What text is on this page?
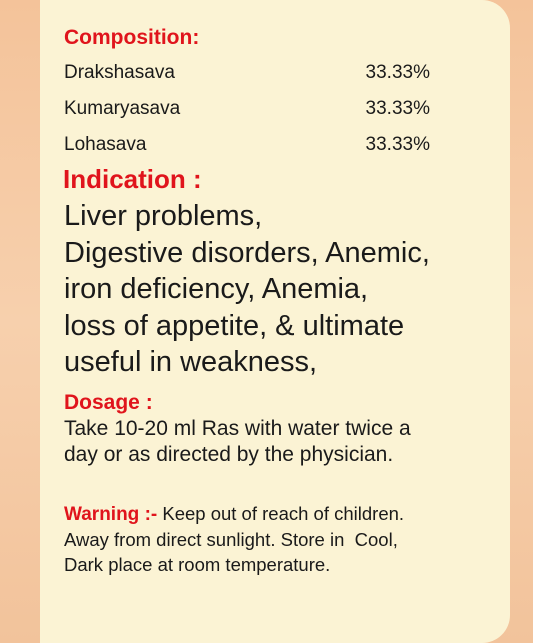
Composition:
Drakshasava	33.33%
Kumaryasava	33.33%
Lohasava	33.33%
Indication :
Liver problems,
Digestive disorders, Anemic,
iron deficiency, Anemia,
loss of appetite, & ultimate
useful in weakness,
Dosage :
Take 10-20 ml Ras with water twice a
day or as directed by the physician.
Warning :- Keep out of reach of children.
Away from direct sunlight. Store in  Cool,
Dark place at room temperature.
